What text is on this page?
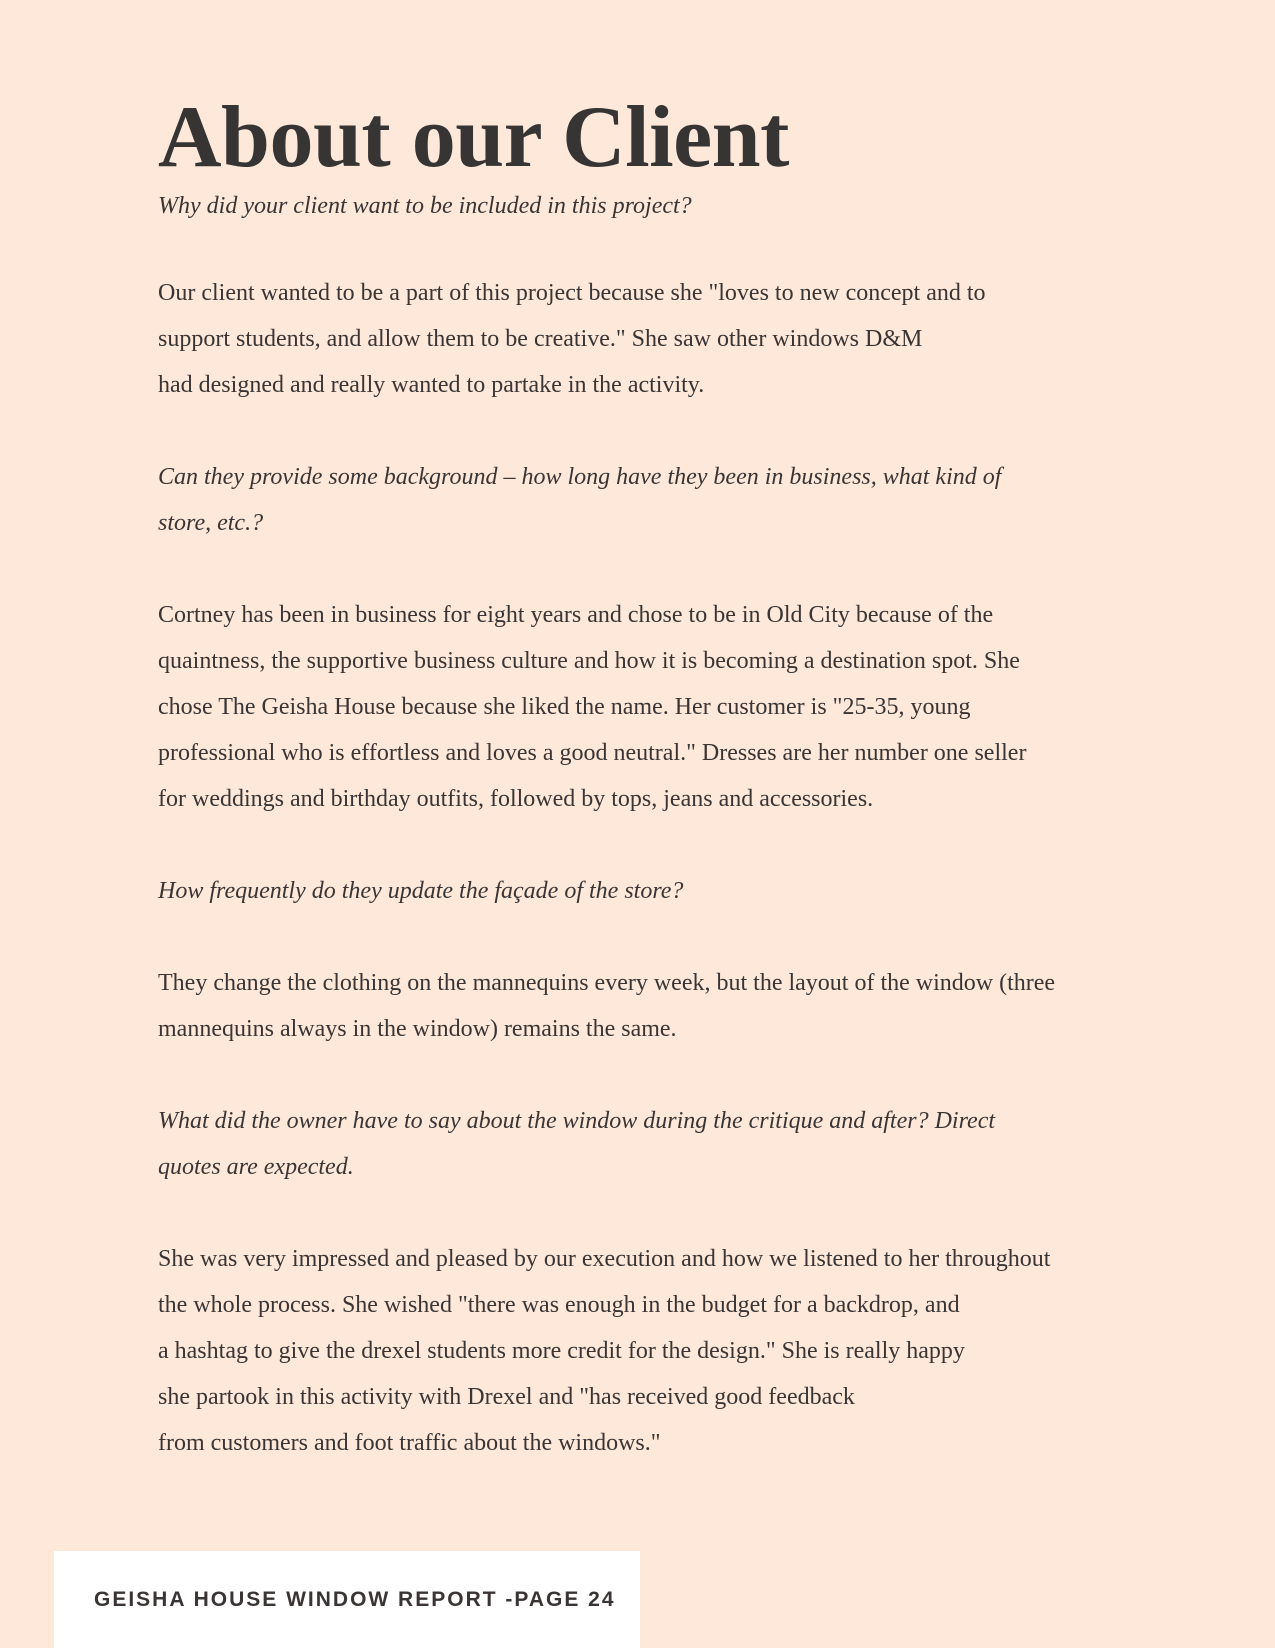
About our Client

Why did your client want to be included in this project?

Our client wanted to be a part of this project because she "loves to new concept and to
support students, and allow them to be creative." She saw other windows D&M
had designed and really wanted to partake in the activity.

Can they provide some background – how long have they been in business, what kind of
store, etc.?

Cortney has been in business for eight years and chose to be in Old City because of the
quaintness, the supportive business culture and how it is becoming a destination spot. She
chose The Geisha House because she liked the name. Her customer is "25-35, young
professional who is effortless and loves a good neutral." Dresses are her number one seller
for weddings and birthday outfits, followed by tops, jeans and accessories.

How frequently do they update the façade of the store?

They change the clothing on the mannequins every week, but the layout of the window (three
mannequins always in the window) remains the same.

What did the owner have to say about the window during the critique and after? Direct
quotes are expected.

She was very impressed and pleased by our execution and how we listened to her throughout
the whole process. She wished "there was enough in the budget for a backdrop, and
a hashtag to give the drexel students more credit for the design." She is really happy
she partook in this activity with Drexel and "has received good feedback
from customers and foot traffic about the windows."

GEISHA HOUSE WINDOW REPORT -PAGE 24
